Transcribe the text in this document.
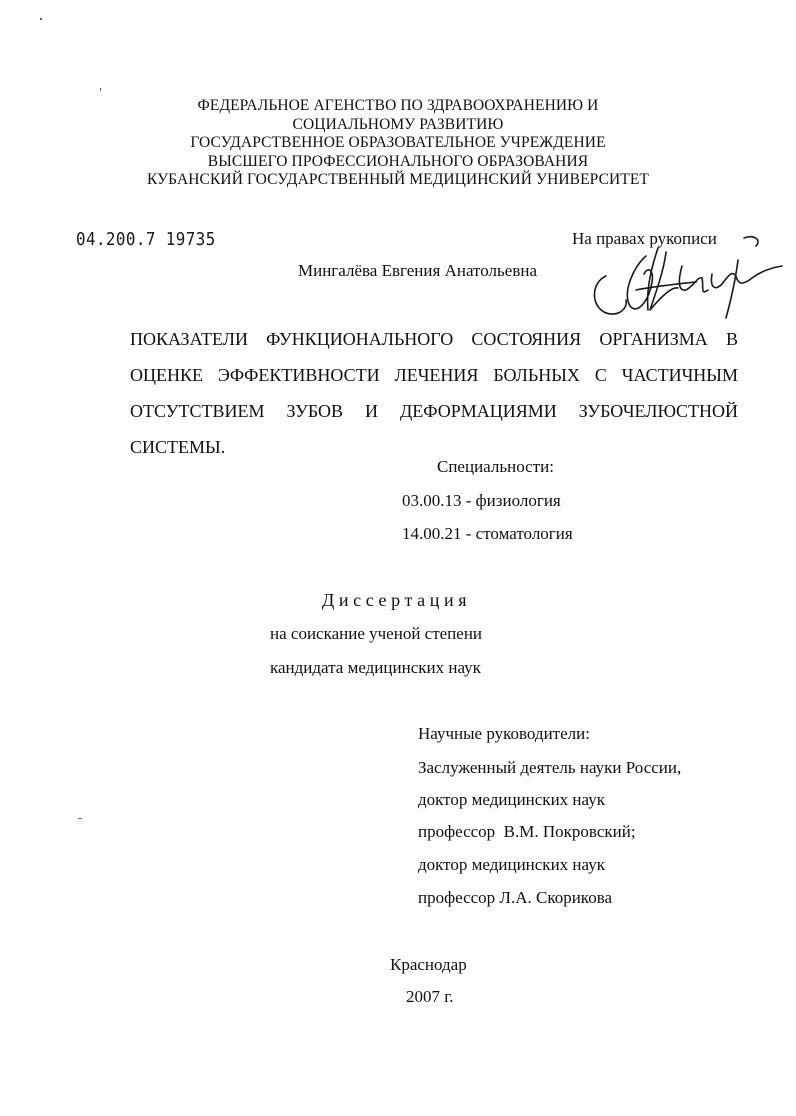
ФЕДЕРАЛЬНОЕ АГЕНСТВО ПО ЗДРАВООХРАНЕНИЮ И
СОЦИАЛЬНОМУ РАЗВИТИЮ
ГОСУДАРСТВЕННОЕ ОБРАЗОВАТЕЛЬНОЕ УЧРЕЖДЕНИЕ
ВЫСШЕГО ПРОФЕССИОНАЛЬНОГО ОБРАЗОВАНИЯ
КУБАНСКИЙ ГОСУДАРСТВЕННЫЙ МЕДИЦИНСКИЙ УНИВЕРСИТЕТ
04.200.7 19735	На правах рукописи
Мингалёва Евгения Анатольевна
ПОКАЗАТЕЛИ ФУНКЦИОНАЛЬНОГО СОСТОЯНИЯ ОРГАНИЗМА В
ОЦЕНКЕ ЭФФЕКТИВНОСТИ ЛЕЧЕНИЯ БОЛЬНЫХ С ЧАСТИЧНЫМ
ОТСУТСТВИЕМ ЗУБОВ И ДЕФОРМАЦИЯМИ ЗУБОЧЕЛЮСТНОЙ
СИСТЕМЫ.
Специальности:
03.00.13 - физиология
14.00.21 - стоматология
Диссертация
на соискание ученой степени
кандидата медицинских наук
Научные руководители:
Заслуженный деятель науки России,
доктор медицинских наук
профессор  В.М. Покровский;
доктор медицинских наук
профессор Л.А. Скорикова
Краснодар
2007 г.
